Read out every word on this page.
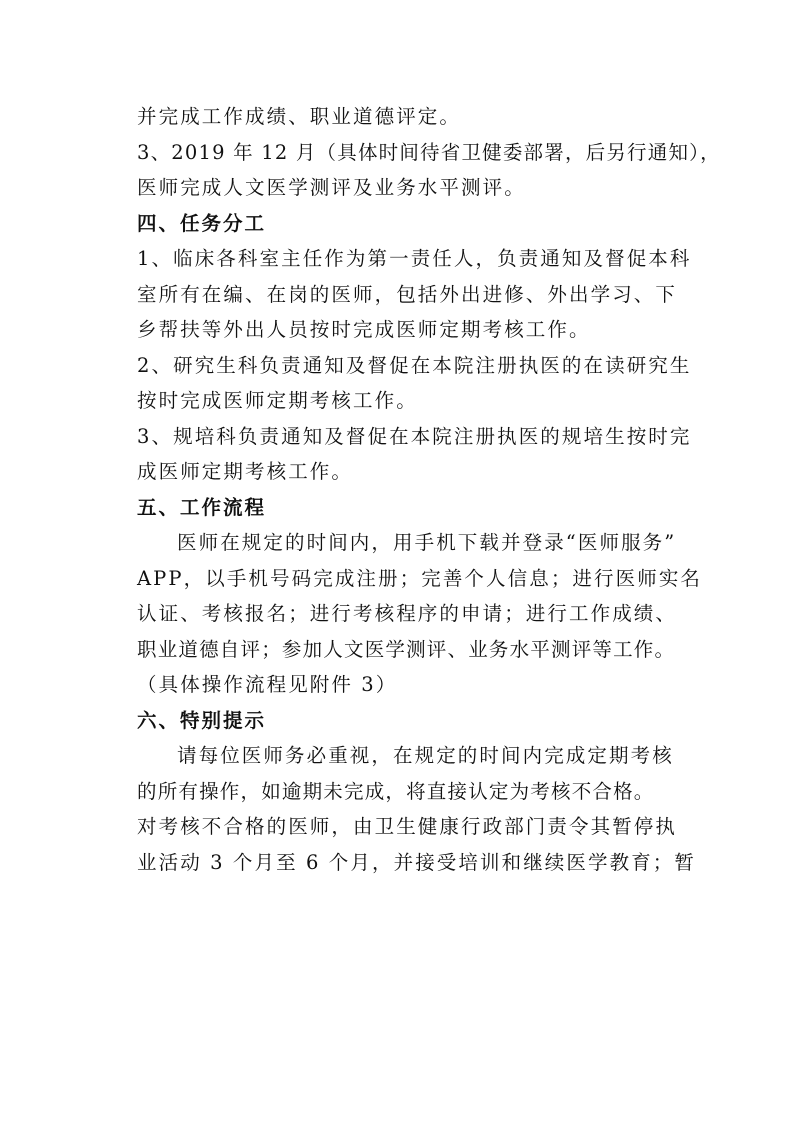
并完成工作成绩、职业道德评定。
3、2019 年 12 月（具体时间待省卫健委部署，后另行通知），
医师完成人文医学测评及业务水平测评。
四、任务分工
1、临床各科室主任作为第一责任人，负责通知及督促本科
室所有在编、在岗的医师，包括外出进修、外出学习、下
乡帮扶等外出人员按时完成医师定期考核工作。
2、研究生科负责通知及督促在本院注册执医的在读研究生
按时完成医师定期考核工作。
3、规培科负责通知及督促在本院注册执医的规培生按时完
成医师定期考核工作。
五、工作流程
医师在规定的时间内，用手机下载并登录“医师服务”
APP，以手机号码完成注册；完善个人信息；进行医师实名
认证、考核报名；进行考核程序的申请；进行工作成绩、
职业道德自评；参加人文医学测评、业务水平测评等工作。
（具体操作流程见附件 3）
六、特别提示
请每位医师务必重视，在规定的时间内完成定期考核
的所有操作，如逾期未完成，将直接认定为考核不合格。
对考核不合格的医师，由卫生健康行政部门责令其暂停执
业活动 3 个月至 6 个月，并接受培训和继续医学教育；暂
